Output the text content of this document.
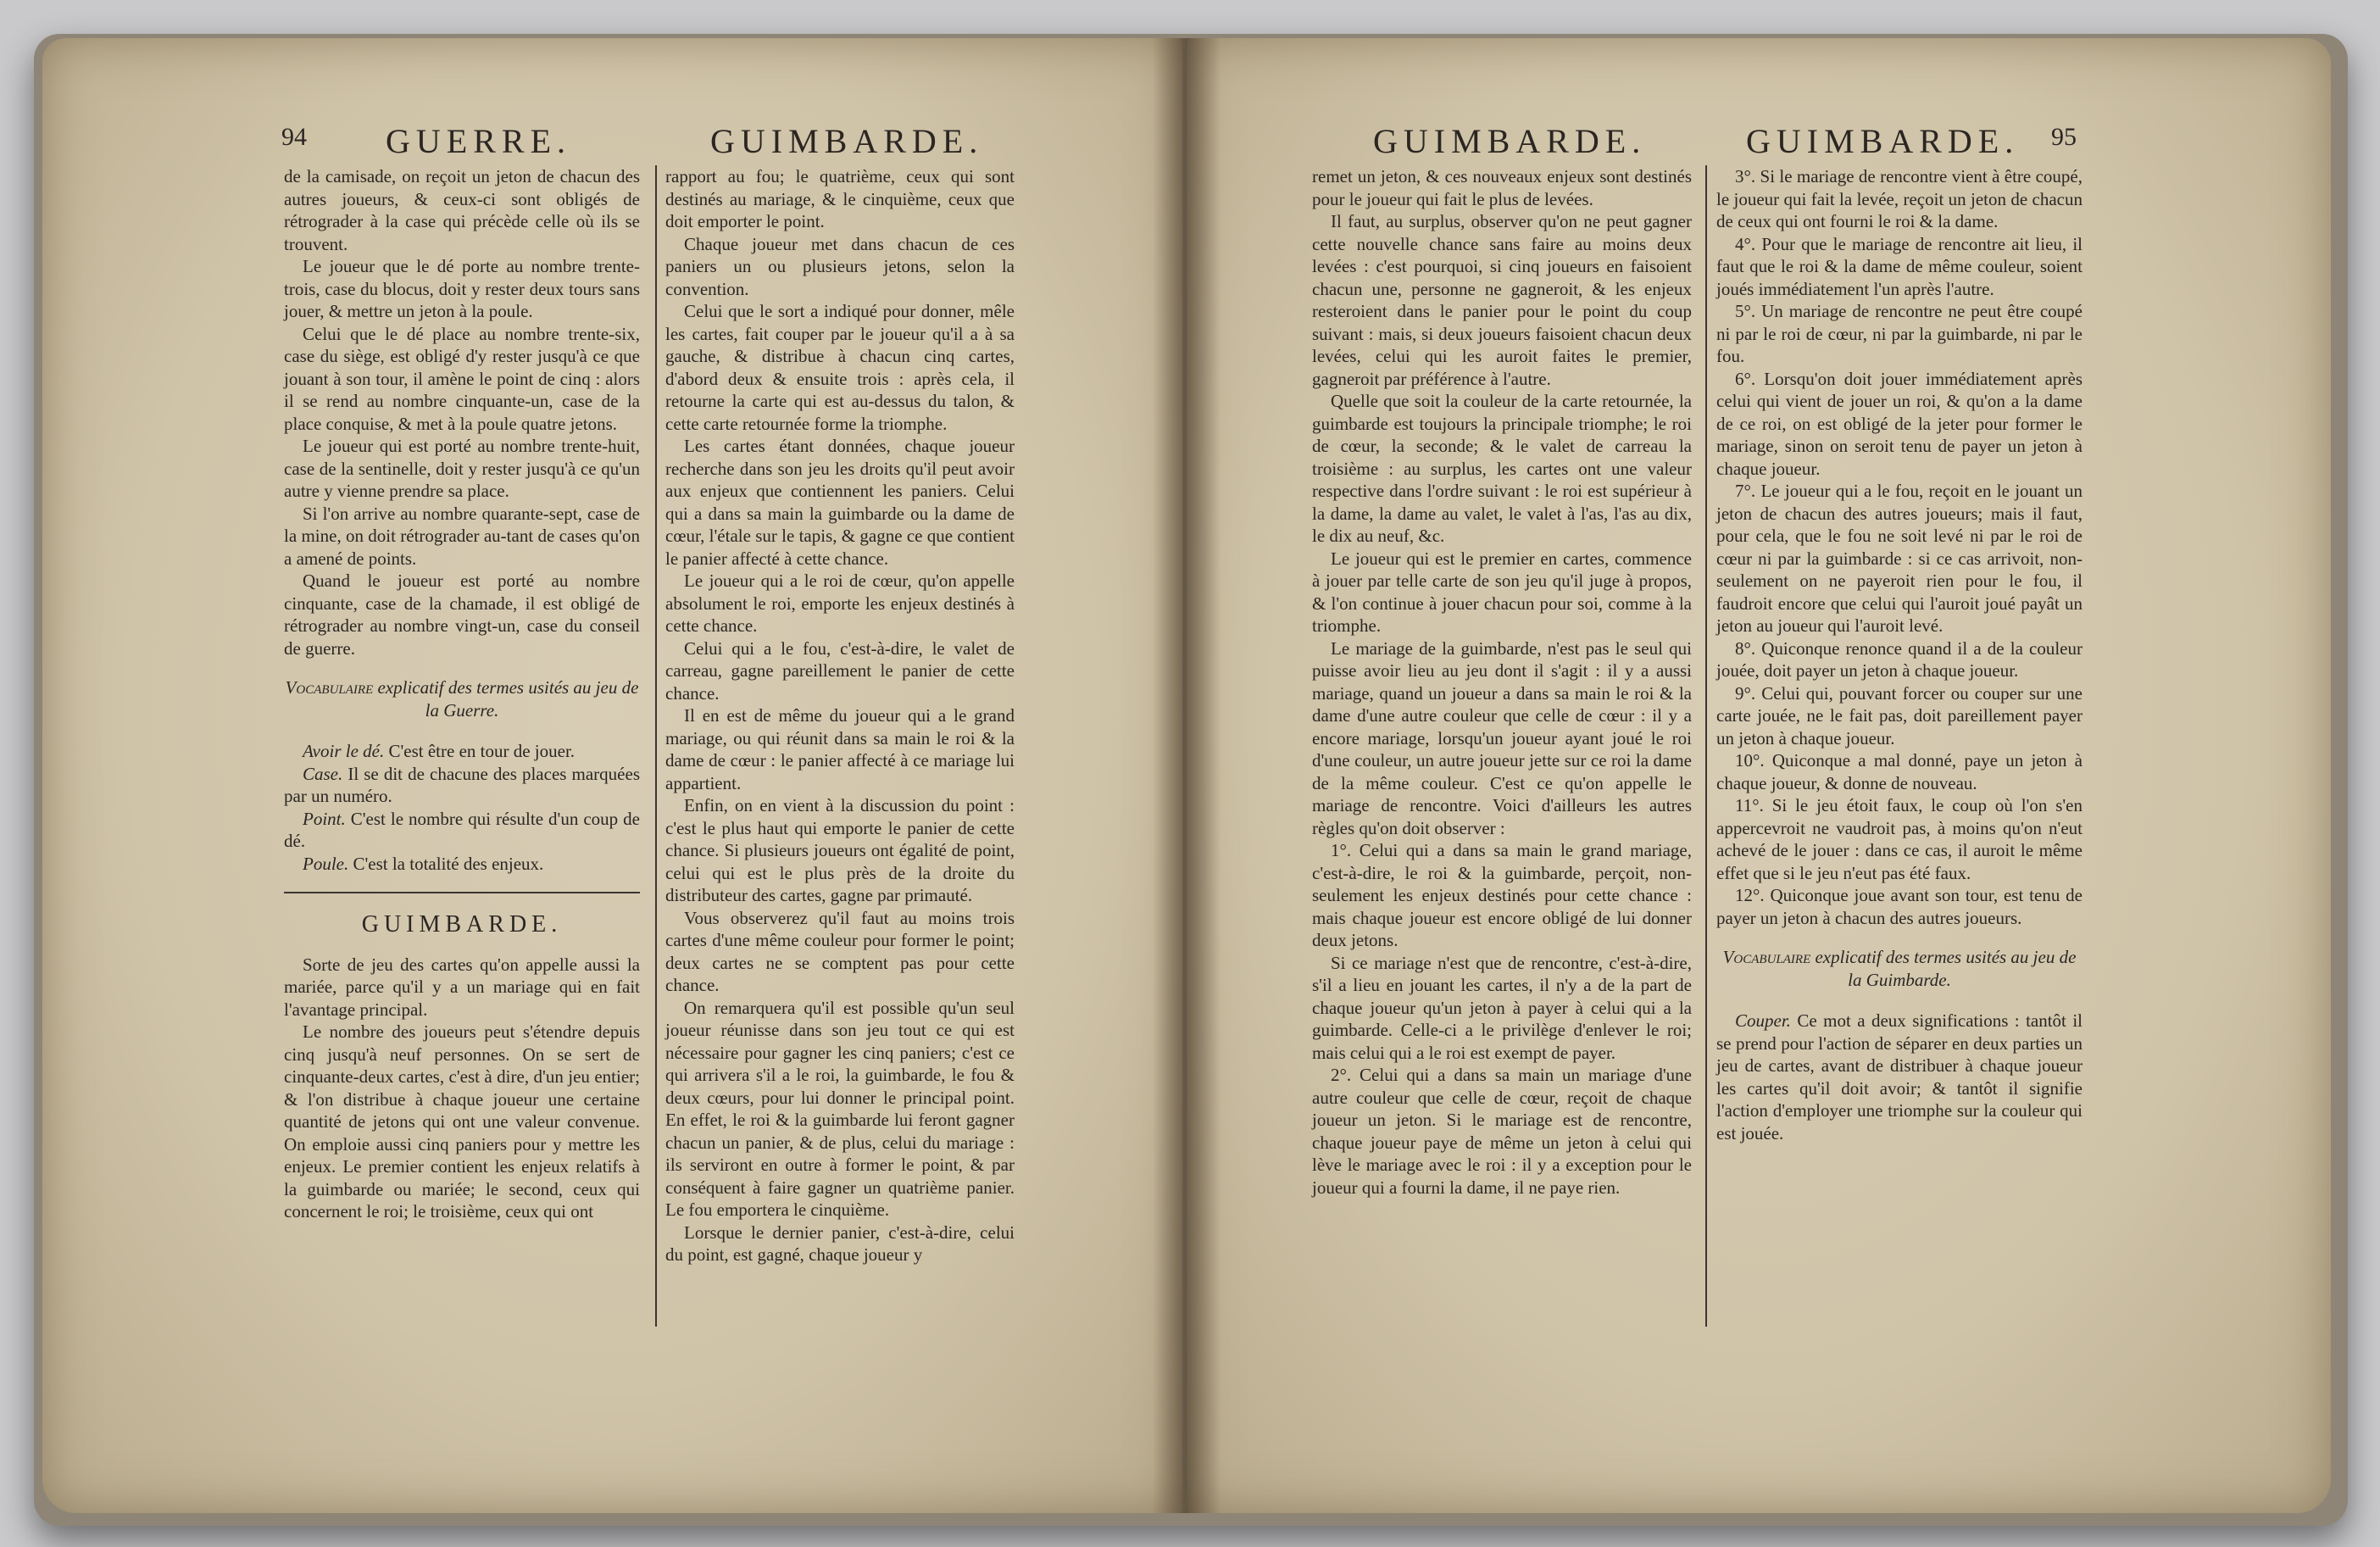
94 GUERRE.	GUIMBARDE.

de la camisade, on reçoit un jeton de chacun des autres joueurs, & ceux-ci sont obligés de rétrograder à la case qui précède celle où ils se trouvent.

Le joueur que le dé porte au nombre trente-trois, case du blocus, doit y rester deux tours sans jouer, & mettre un jeton à la poule.

Celui que le dé place au nombre trente-six, case du siège, est obligé d'y rester jusqu'à ce que jouant à son tour, il amène le point de cinq : alors il se rend au nombre cinquante-un, case de la place conquise, & met à la poule quatre jetons.

Le joueur qui est porté au nombre trente-huit, case de la sentinelle, doit y rester jusqu'à ce qu'un autre y vienne prendre sa place.

Si l'on arrive au nombre quarante-sept, case de la mine, on doit rétrograder au-tant de cases qu'on a amené de points.

Quand le joueur est porté au nombre cinquante, case de la chamade, il est obligé de rétrograder au nombre vingt-un, case du conseil de guerre.

Vocabulaire explicatif des termes usités au jeu de la Guerre.

Avoir le dé. C'est être en tour de jouer.

Case. Il se dit de chacune des places marquées par un numéro.

Point. C'est le nombre qui résulte d'un coup de dé.

Poule. C'est la totalité des enjeux.

GUIMBARDE.

Sorte de jeu des cartes qu'on appelle aussi la mariée, parce qu'il y a un mariage qui en fait l'avantage principal.

Le nombre des joueurs peut s'étendre depuis cinq jusqu'à neuf personnes. On se sert de cinquante-deux cartes, c'est à dire, d'un jeu entier; & l'on distribue à chaque joueur une certaine quantité de jetons qui ont une valeur convenue. On emploie aussi cinq paniers pour y mettre les enjeux. Le premier contient les enjeux relatifs à la guimbarde ou mariée; le second, ceux qui concernent le roi; le troisième, ceux qui ont

rapport au fou; le quatrième, ceux qui sont destinés au mariage, & le cinquième, ceux que doit emporter le point.

Chaque joueur met dans chacun de ces paniers un ou plusieurs jetons, selon la convention.

Celui que le sort a indiqué pour donner, mêle les cartes, fait couper par le joueur qu'il a à sa gauche, & distribue à chacun cinq cartes, d'abord deux & ensuite trois : après cela, il retourne la carte qui est au-dessus du talon, & cette carte retournée forme la triomphe.

Les cartes étant données, chaque joueur recherche dans son jeu les droits qu'il peut avoir aux enjeux que contiennent les paniers. Celui qui a dans sa main la guimbarde ou la dame de cœur, l'étale sur le tapis, & gagne ce que contient le panier affecté à cette chance.

Le joueur qui a le roi de cœur, qu'on appelle absolument le roi, emporte les enjeux destinés à cette chance.

Celui qui a le fou, c'est-à-dire, le valet de carreau, gagne pareillement le panier de cette chance.

Il en est de même du joueur qui a le grand mariage, ou qui réunit dans sa main le roi & la dame de cœur : le panier affecté à ce mariage lui appartient.

Enfin, on en vient à la discussion du point : c'est le plus haut qui emporte le panier de cette chance. Si plusieurs joueurs ont égalité de point, celui qui est le plus près de la droite du distributeur des cartes, gagne par primauté.

Vous observerez qu'il faut au moins trois cartes d'une même couleur pour former le point; deux cartes ne se comptent pas pour cette chance.

On remarquera qu'il est possible qu'un seul joueur réunisse dans son jeu tout ce qui est nécessaire pour gagner les cinq paniers; c'est ce qui arrivera s'il a le roi, la guimbarde, le fou & deux cœurs, pour lui donner le principal point. En effet, le roi & la guimbarde lui feront gagner chacun un panier, & de plus, celui du mariage : ils serviront en outre à former le point, & par conséquent à faire gagner un quatrième panier. Le fou emportera le cinquième.

Lorsque le dernier panier, c'est-à-dire, celui du point, est gagné, chaque joueur y

GUIMBARDE.	GUIMBARDE. 95

remet un jeton, & ces nouveaux enjeux sont destinés pour le joueur qui fait le plus de levées.

Il faut, au surplus, observer qu'on ne peut gagner cette nouvelle chance sans faire au moins deux levées : c'est pourquoi, si cinq joueurs en faisoient chacun une, personne ne gagneroit, & les enjeux resteroient dans le panier pour le point du coup suivant : mais, si deux joueurs faisoient chacun deux levées, celui qui les auroit faites le premier, gagneroit par préférence à l'autre.

Quelle que soit la couleur de la carte retournée, la guimbarde est toujours la principale triomphe; le roi de cœur, la seconde; & le valet de carreau la troisième : au surplus, les cartes ont une valeur respective dans l'ordre suivant : le roi est supérieur à la dame, la dame au valet, le valet à l'as, l'as au dix, le dix au neuf, &c.

Le joueur qui est le premier en cartes, commence à jouer par telle carte de son jeu qu'il juge à propos, & l'on continue à jouer chacun pour soi, comme à la triomphe.

Le mariage de la guimbarde, n'est pas le seul qui puisse avoir lieu au jeu dont il s'agit : il y a aussi mariage, quand un joueur a dans sa main le roi & la dame d'une autre couleur que celle de cœur : il y a encore mariage, lorsqu'un joueur ayant joué le roi d'une couleur, un autre joueur jette sur ce roi la dame de la même couleur. C'est ce qu'on appelle le mariage de rencontre. Voici d'ailleurs les autres règles qu'on doit observer :

1°. Celui qui a dans sa main le grand mariage, c'est-à-dire, le roi & la guimbarde, perçoit, non-seulement les enjeux destinés pour cette chance : mais chaque joueur est encore obligé de lui donner deux jetons.

Si ce mariage n'est que de rencontre, c'est-à-dire, s'il a lieu en jouant les cartes, il n'y a de la part de chaque joueur qu'un jeton à payer à celui qui a la guimbarde. Celle-ci a le privilège d'enlever le roi; mais celui qui a le roi est exempt de payer.

2°. Celui qui a dans sa main un mariage d'une autre couleur que celle de cœur, reçoit de chaque joueur un jeton. Si le mariage est de rencontre, chaque joueur paye de même un jeton à celui qui lève le mariage avec le roi : il y a exception pour le joueur qui a fourni la dame, il ne paye rien.

3°. Si le mariage de rencontre vient à être coupé, le joueur qui fait la levée, reçoit un jeton de chacun de ceux qui ont fourni le roi & la dame.

4°. Pour que le mariage de rencontre ait lieu, il faut que le roi & la dame de même couleur, soient joués immédiatement l'un après l'autre.

5°. Un mariage de rencontre ne peut être coupé ni par le roi de cœur, ni par la guimbarde, ni par le fou.

6°. Lorsqu'on doit jouer immédiatement après celui qui vient de jouer un roi, & qu'on a la dame de ce roi, on est obligé de la jeter pour former le mariage, sinon on seroit tenu de payer un jeton à chaque joueur.

7°. Le joueur qui a le fou, reçoit en le jouant un jeton de chacun des autres joueurs; mais il faut, pour cela, que le fou ne soit levé ni par le roi de cœur ni par la guimbarde : si ce cas arrivoit, non-seulement on ne payeroit rien pour le fou, il faudroit encore que celui qui l'auroit joué payât un jeton au joueur qui l'auroit levé.

8°. Quiconque renonce quand il a de la couleur jouée, doit payer un jeton à chaque joueur.

9°. Celui qui, pouvant forcer ou couper sur une carte jouée, ne le fait pas, doit pareillement payer un jeton à chaque joueur.

10°. Quiconque a mal donné, paye un jeton à chaque joueur, & donne de nouveau.

11°. Si le jeu étoit faux, le coup où l'on s'en appercevroit ne vaudroit pas, à moins qu'on n'eut achevé de le jouer : dans ce cas, il auroit le même effet que si le jeu n'eut pas été faux.

12°. Quiconque joue avant son tour, est tenu de payer un jeton à chacun des autres joueurs.

Vocabulaire explicatif des termes usités au jeu de la Guimbarde.

Couper. Ce mot a deux significations : tantôt il se prend pour l'action de séparer en deux parties un jeu de cartes, avant de distribuer à chaque joueur les cartes qu'il doit avoir; & tantôt il signifie l'action d'employer une triomphe sur la couleur qui est jouée.
